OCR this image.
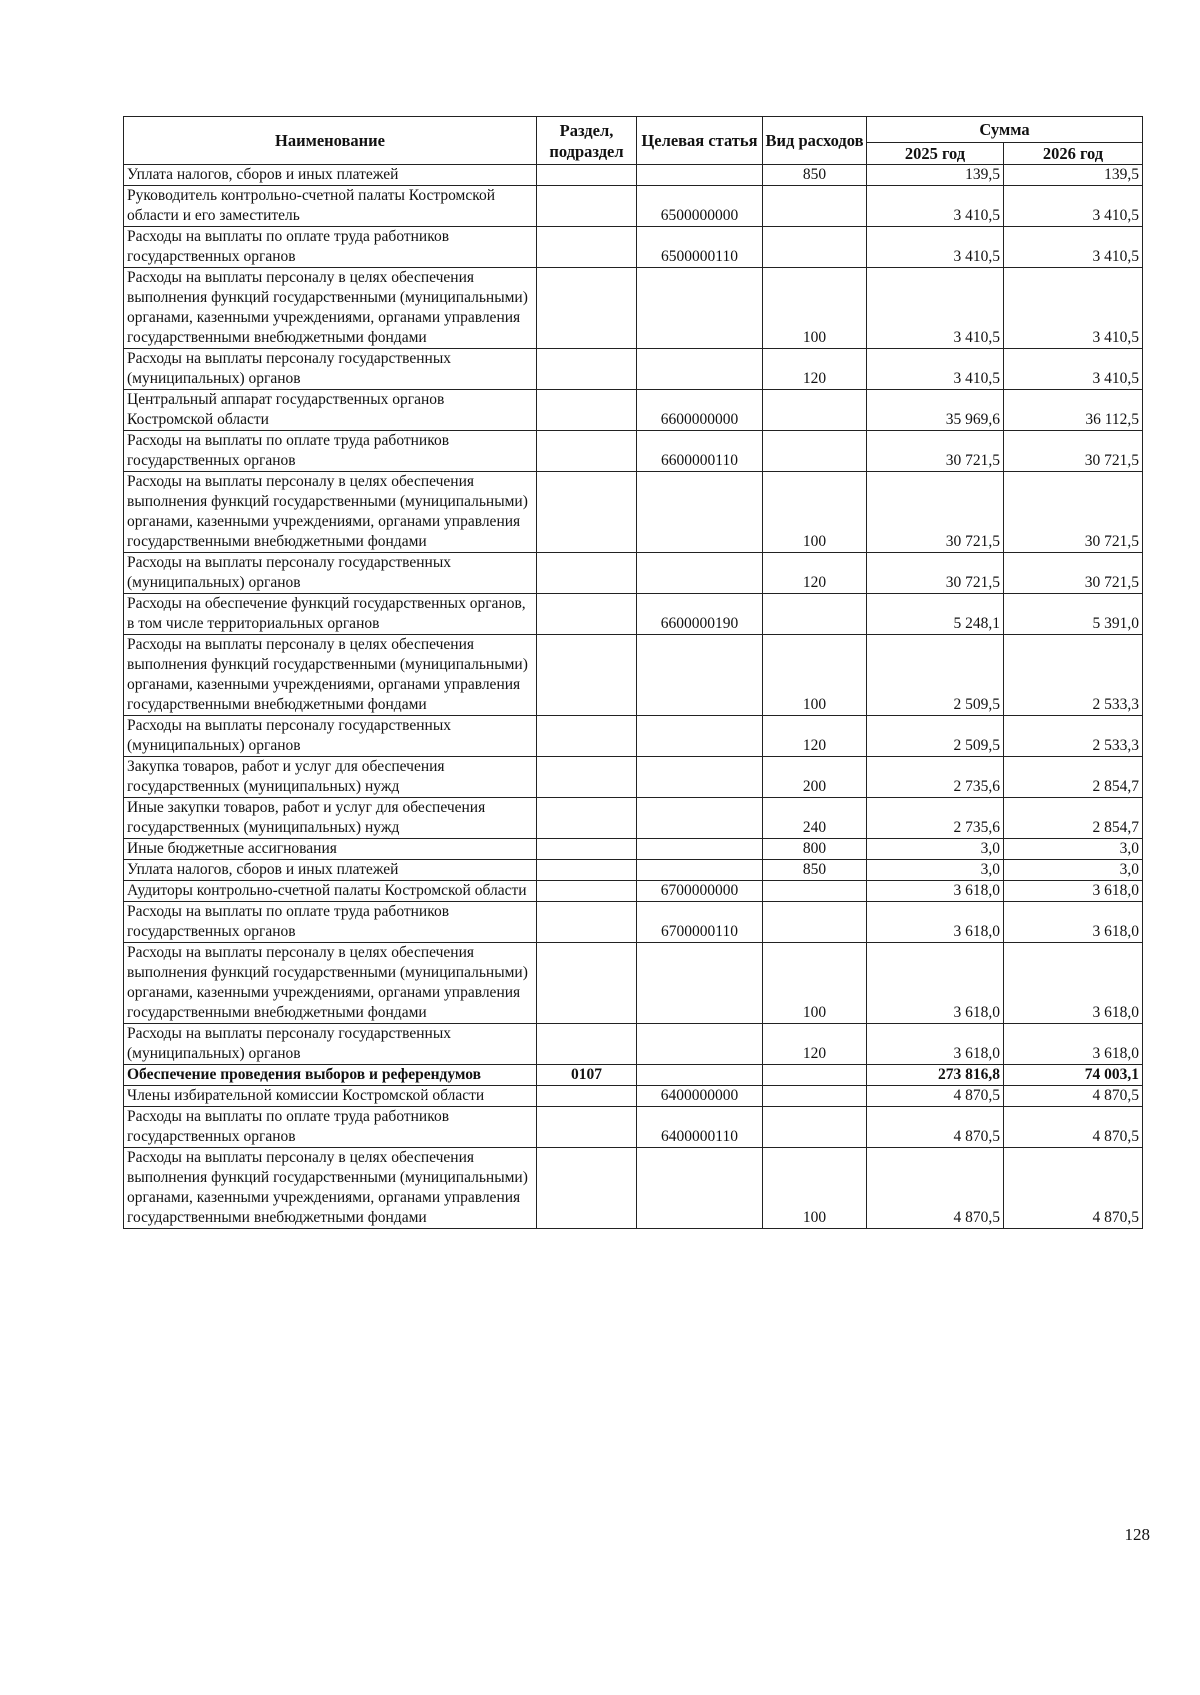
Наименование	Раздел, подраздел	Целевая статья	Вид расходов	Сумма	
				2025 год	2026 год
Уплата налогов, сборов и иных платежей			850	139,5	139,5
Руководитель контрольно-счетной палаты Костромской области и его заместитель		6500000000		3 410,5	3 410,5
Расходы на выплаты по оплате труда работников государственных органов		6500000110		3 410,5	3 410,5
Расходы на выплаты персоналу в целях обеспечения выполнения функций государственными (муниципальными) органами, казенными учреждениями, органами управления государственными внебюджетными фондами			100	3 410,5	3 410,5
Расходы на выплаты персоналу государственных (муниципальных) органов			120	3 410,5	3 410,5
Центральный аппарат государственных органов Костромской области		6600000000		35 969,6	36 112,5
Расходы на выплаты по оплате труда работников государственных органов		6600000110		30 721,5	30 721,5
Расходы на выплаты персоналу в целях обеспечения выполнения функций государственными (муниципальными) органами, казенными учреждениями, органами управления государственными внебюджетными фондами			100	30 721,5	30 721,5
Расходы на выплаты персоналу государственных (муниципальных) органов			120	30 721,5	30 721,5
Расходы на обеспечение функций государственных органов, в том числе территориальных органов		6600000190		5 248,1	5 391,0
Расходы на выплаты персоналу в целях обеспечения выполнения функций государственными (муниципальными) органами, казенными учреждениями, органами управления государственными внебюджетными фондами			100	2 509,5	2 533,3
Расходы на выплаты персоналу государственных (муниципальных) органов			120	2 509,5	2 533,3
Закупка товаров, работ и услуг для обеспечения государственных (муниципальных) нужд			200	2 735,6	2 854,7
Иные закупки товаров, работ и услуг для обеспечения государственных (муниципальных) нужд			240	2 735,6	2 854,7
Иные бюджетные ассигнования			800	3,0	3,0
Уплата налогов, сборов и иных платежей			850	3,0	3,0
Аудиторы контрольно-счетной палаты Костромской области		6700000000		3 618,0	3 618,0
Расходы на выплаты по оплате труда работников государственных органов		6700000110		3 618,0	3 618,0
Расходы на выплаты персоналу в целях обеспечения выполнения функций государственными (муниципальными) органами, казенными учреждениями, органами управления государственными внебюджетными фондами			100	3 618,0	3 618,0
Расходы на выплаты персоналу государственных (муниципальных) органов			120	3 618,0	3 618,0
Обеспечение проведения выборов и референдумов	0107			273 816,8	74 003,1
Члены избирательной комиссии Костромской области		6400000000		4 870,5	4 870,5
Расходы на выплаты по оплате труда работников государственных органов		6400000110		4 870,5	4 870,5
Расходы на выплаты персоналу в целях обеспечения выполнения функций государственными (муниципальными) органами, казенными учреждениями, органами управления государственными внебюджетными фондами			100	4 870,5	4 870,5
128
